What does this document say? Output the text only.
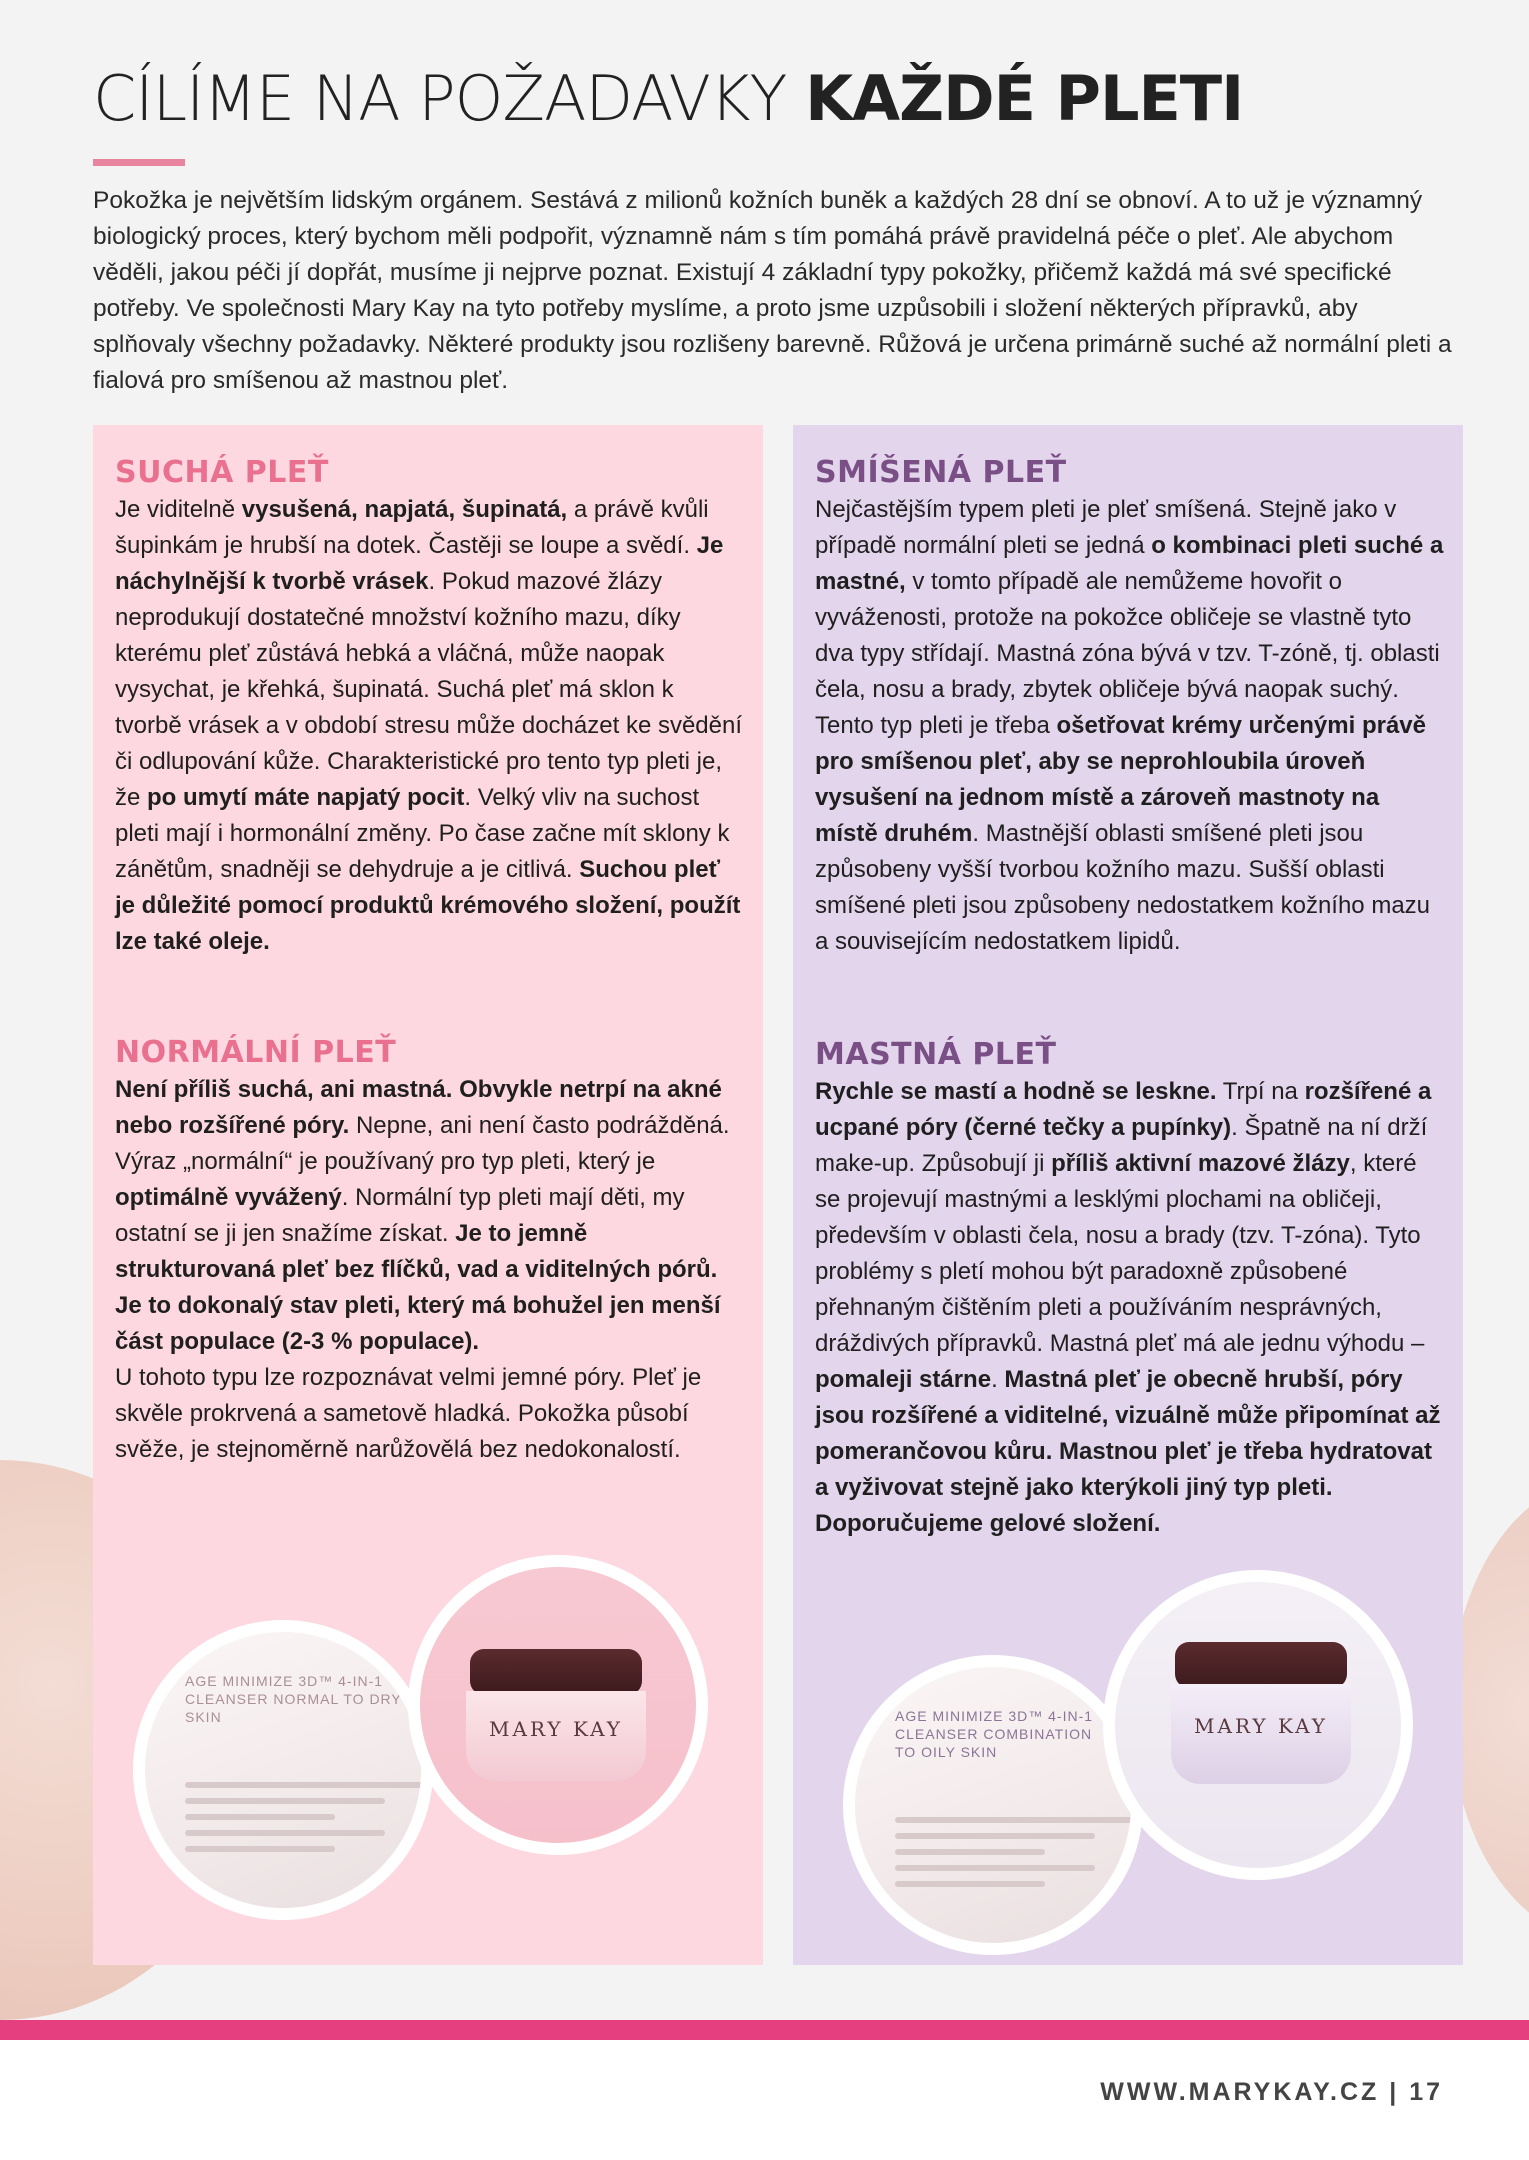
CÍLÍME NA POŽADAVKY KAŽDÉ PLETI

Pokožka je největším lidským orgánem. Sestává z milionů kožních buněk a každých 28 dní se obnoví. A to už je významný biologický proces, který bychom měli podpořit, významně nám s tím pomáhá právě pravidelná péče o pleť. Ale abychom věděli, jakou péči jí dopřát, musíme ji nejprve poznat. Existují 4 základní typy pokožky, přičemž každá má své specifické potřeby. Ve společnosti Mary Kay na tyto potřeby myslíme, a proto jsme uzpůsobili i složení některých přípravků, aby splňovaly všechny požadavky. Některé produkty jsou rozlišeny barevně. Růžová je určena primárně suché až normální pleti a fialová pro smíšenou až mastnou pleť.

SUCHÁ PLEŤ

Je viditelně vysušená, napjatá, šupinatá, a právě kvůli šupinkám je hrubší na dotek. Častěji se loupe a svědí. Je náchylnější k tvorbě vrásek. Pokud mazové žlázy neprodukují dostatečné množství kožního mazu, díky kterému pleť zůstává hebká a vláčná, může naopak vysychat, je křehká, šupinatá. Suchá pleť má sklon k tvorbě vrásek a v období stresu může docházet ke svědění či odlupování kůže. Charakteristické pro tento typ pleti je, že po umytí máte napjatý pocit. Velký vliv na suchost pleti mají i hormonální změny. Po čase začne mít sklony k zánětům, snadněji se dehydruje a je citlivá. Suchou pleť je důležité pomocí produktů krémového složení, použít lze také oleje.

NORMÁLNÍ PLEŤ

Není příliš suchá, ani mastná. Obvykle netrpí na akné nebo rozšířené póry. Nepne, ani není často podrážděná. Výraz „normální“ je používaný pro typ pleti, který je optimálně vyvážený. Normální typ pleti mají děti, my ostatní se ji jen snažíme získat. Je to jemně strukturovaná pleť bez flíčků, vad a viditelných pórů. Je to dokonalý stav pleti, který má bohužel jen menší část populace (2-3 % populace).
U tohoto typu lze rozpoznávat velmi jemné póry. Pleť je skvěle prokrvená a sametově hladká. Pokožka působí svěže, je stejnoměrně narůžovělá bez nedokonalostí.

AGE MINIMIZE 3D™ 4-IN-1 CLEANSER NORMAL TO DRY SKIN	MARY KAY
SMÍŠENÁ PLEŤ

Nejčastějším typem pleti je pleť smíšená. Stejně jako v případě normální pleti se jedná o kombinaci pleti suché a mastné, v tomto případě ale nemůžeme hovořit o vyváženosti, protože na pokožce obličeje se vlastně tyto dva typy střídají. Mastná zóna bývá v tzv. T-zóně, tj. oblasti čela, nosu a brady, zbytek obličeje bývá naopak suchý. Tento typ pleti je třeba ošetřovat krémy určenými právě pro smíšenou pleť, aby se neprohloubila úroveň vysušení na jednom místě a zároveň mastnoty na místě druhém. Mastnější oblasti smíšené pleti jsou způsobeny vyšší tvorbou kožního mazu. Sušší oblasti smíšené pleti jsou způsobeny nedostatkem kožního mazu a souvisejícím nedostatkem lipidů.

MASTNÁ PLEŤ

Rychle se mastí a hodně se leskne. Trpí na rozšířené a ucpané póry (černé tečky a pupínky). Špatně na ní drží make-up. Způsobují ji příliš aktivní mazové žlázy, které se projevují mastnými a lesklými plochami na obličeji, především v oblasti čela, nosu a brady (tzv. T-zóna). Tyto problémy s pletí mohou být paradoxně způsobené přehnaným čištěním pleti a používáním nesprávných, dráždivých přípravků. Mastná pleť má ale jednu výhodu – pomaleji stárne. Mastná pleť je obecně hrubší, póry jsou rozšířené a viditelné, vizuálně může připomínat až pomerančovou kůru. Mastnou pleť je třeba hydratovat a vyživovat stejně jako kterýkoli jiný typ pleti. Doporučujeme gelové složení.

AGE MINIMIZE 3D™ 4-IN-1 CLEANSER COMBINATION TO OILY SKIN
MARY KAY
WWW.MARYKAY.CZ | 17
